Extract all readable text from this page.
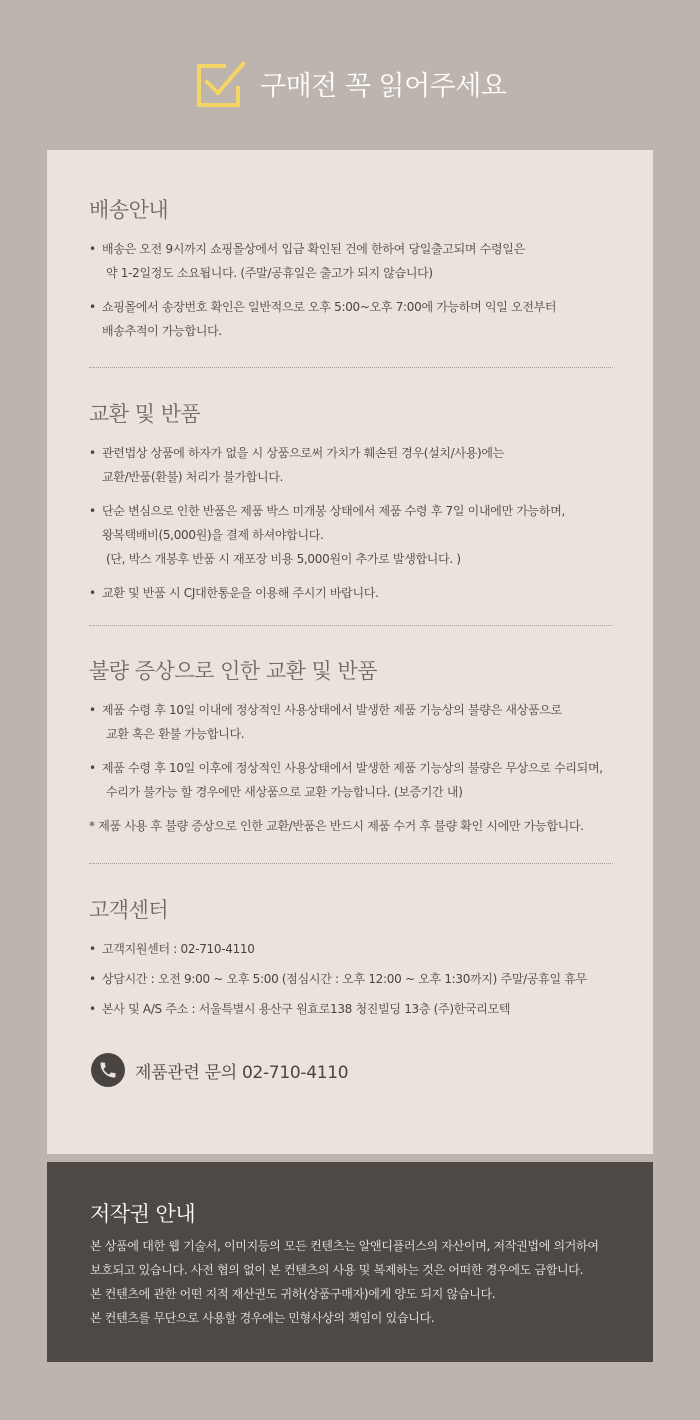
구매전 꼭 읽어주세요
배송안내
• 배송은 오전 9시까지 쇼핑몰상에서 입금 확인된 건에 한하여 당일출고되며 수령일은
약 1-2일정도 소요됩니다. (주말/공휴일은 출고가 되지 않습니다)
• 쇼핑몰에서 송장번호 확인은 일반적으로 오후 5:00~오후 7:00에 가능하며 익일 오전부터
배송추적이 가능합니다.
교환 및 반품
• 관련법상 상품에 하자가 없을 시 상품으로써 가치가 훼손된 경우(설치/사용)에는
교환/반품(환불) 처리가 불가합니다.
• 단순 변심으로 인한 반품은 제품 박스 미개봉 상태에서 제품 수령 후 7일 이내에만 가능하며,
왕복택배비(5,000원)을 결제 하셔야합니다.
(단, 박스 개봉후 반품 시 재포장 비용 5,000원이 추가로 발생합니다. )
• 교환 및 반품 시 CJ대한통운을 이용해 주시기 바랍니다.
불량 증상으로 인한 교환 및 반품
• 제품 수령 후 10일 이내에 정상적인 사용상태에서 발생한 제품 기능상의 불량은 새상품으로
교환 혹은 환불 가능합니다.
• 제품 수령 후 10일 이후에 정상적인 사용상태에서 발생한 제품 기능상의 불량은 무상으로 수리되며,
수리가 불가능 할 경우에만 새상품으로 교환 가능합니다. (보증기간 내)
* 제품 사용 후 불량 증상으로 인한 교환/반품은 반드시 제품 수거 후 불량 확인 시에만 가능합니다.
고객센터
• 고객지원센터 : 02-710-4110
• 상담시간 : 오전 9:00 ~ 오후 5:00 (점심시간 : 오후 12:00 ~ 오후 1:30까지) 주말/공휴일 휴무
• 본사 및 A/S 주소 : 서울특별시 용산구 원효로138 청진빌딩 13층 (주)한국리모텍
제품관련 문의 02-710-4110
저작권 안내
본 상품에 대한 웹 기술서, 이미지등의 모든 컨텐츠는 알앤디플러스의 자산이며, 저작권법에 의거하여
보호되고 있습니다. 사전 협의 없이 본 컨텐츠의 사용 및 복제하는 것은 어떠한 경우에도 금합니다.
본 컨텐츠에 관한 어떤 지적 재산권도 귀하(상품구매자)에게 양도 되지 않습니다.
본 컨텐츠를 무단으로 사용할 경우에는 민형사상의 책임이 있습니다.
